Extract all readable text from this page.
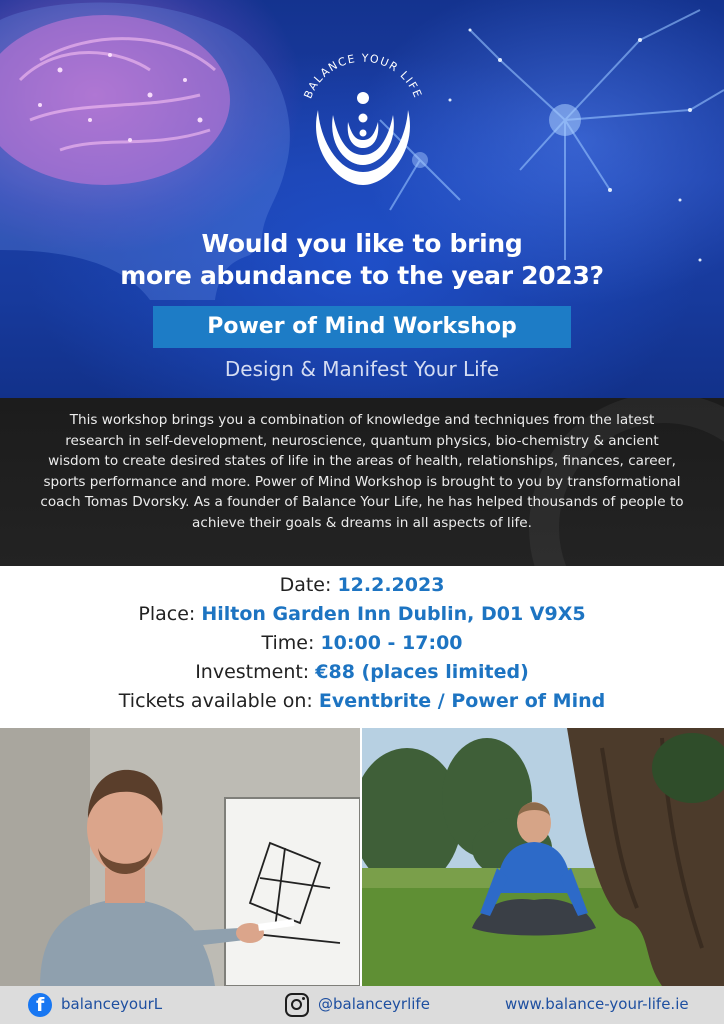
BALANCE YOUR LIFE
Would you like to bring
more abundance to the year 2023?
Power of Mind Workshop
Design & Manifest Your Life

This workshop brings you a combination of knowledge and techniques from the latest research in self-development, neuroscience, quantum physics, bio-chemistry & ancient wisdom to create desired states of life in the areas of health, relationships, finances, career, sports performance and more. Power of Mind Workshop is brought to you by transformational coach Tomas Dvorsky. As a founder of Balance Your Life, he has helped thousands of people to achieve their goals & dreams in all aspects of life.

Date: 12.2.2023
Place: Hilton Garden Inn Dublin, D01 V9X5
Time: 10:00 - 17:00
Investment: €88 (places limited)
Tickets available on: Eventbrite / Power of Mind
f balanceyourL	@balanceyrlife	www.balance-your-life.ie
